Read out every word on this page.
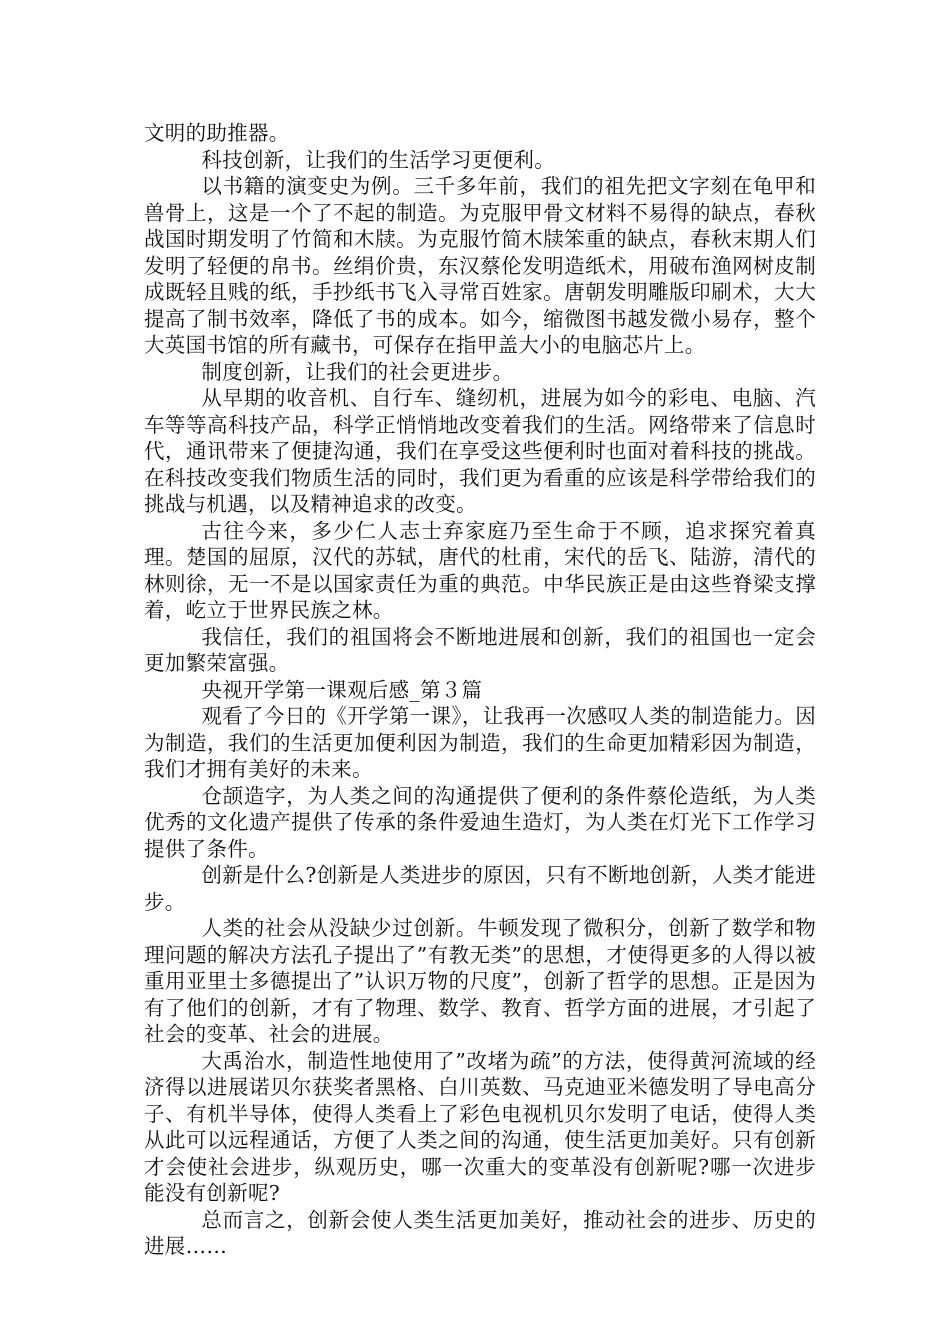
文明的助推器。

科技创新，让我们的生活学习更便利。

以书籍的演变史为例。三千多年前，我们的祖先把文字刻在龟甲和兽骨上，这是一个了不起的制造。为克服甲骨文材料不易得的缺点，春秋战国时期发明了竹简和木牍。为克服竹简木牍笨重的缺点，春秋末期人们发明了轻便的帛书。丝绢价贵，东汉蔡伦发明造纸术，用破布渔网树皮制成既轻且贱的纸，手抄纸书飞入寻常百姓家。唐朝发明雕版印刷术，大大提高了制书效率，降低了书的成本。如今，缩微图书越发微小易存，整个大英国书馆的所有藏书，可保存在指甲盖大小的电脑芯片上。

制度创新，让我们的社会更进步。

从早期的收音机、自行车、缝纫机，进展为如今的彩电、电脑、汽车等等高科技产品，科学正悄悄地改变着我们的生活。网络带来了信息时代，通讯带来了便捷沟通，我们在享受这些便利时也面对着科技的挑战。在科技改变我们物质生活的同时，我们更为看重的应该是科学带给我们的挑战与机遇，以及精神追求的改变。

古往今来，多少仁人志士弃家庭乃至生命于不顾，追求探究着真理。楚国的屈原，汉代的苏轼，唐代的杜甫，宋代的岳飞、陆游，清代的林则徐，无一不是以国家责任为重的典范。中华民族正是由这些脊梁支撑着，屹立于世界民族之林。

我信任，我们的祖国将会不断地进展和创新，我们的祖国也一定会更加繁荣富强。

央视开学第一课观后感_第３篇

观看了今日的《开学第一课》，让我再一次感叹人类的制造能力。因为制造，我们的生活更加便利因为制造，我们的生命更加精彩因为制造，我们才拥有美好的未来。

仓颉造字，为人类之间的沟通提供了便利的条件蔡伦造纸，为人类优秀的文化遗产提供了传承的条件爱迪生造灯，为人类在灯光下工作学习提供了条件。

创新是什么?创新是人类进步的原因，只有不断地创新，人类才能进步。

人类的社会从没缺少过创新。牛顿发现了微积分，创新了数学和物理问题的解决方法孔子提出了”有教无类”的思想，才使得更多的人得以被重用亚里士多德提出了”认识万物的尺度”，创新了哲学的思想。正是因为有了他们的创新，才有了物理、数学、教育、哲学方面的进展，才引起了社会的变革、社会的进展。

大禹治水，制造性地使用了”改堵为疏”的方法，使得黄河流域的经济得以进展诺贝尔获奖者黑格、白川英数、马克迪亚米德发明了导电高分子、有机半导体，使得人类看上了彩色电视机贝尔发明了电话，使得人类从此可以远程通话，方便了人类之间的沟通，使生活更加美好。只有创新才会使社会进步，纵观历史，哪一次重大的变革没有创新呢?哪一次进步能没有创新呢?

总而言之，创新会使人类生活更加美好，推动社会的进步、历史的进展……
